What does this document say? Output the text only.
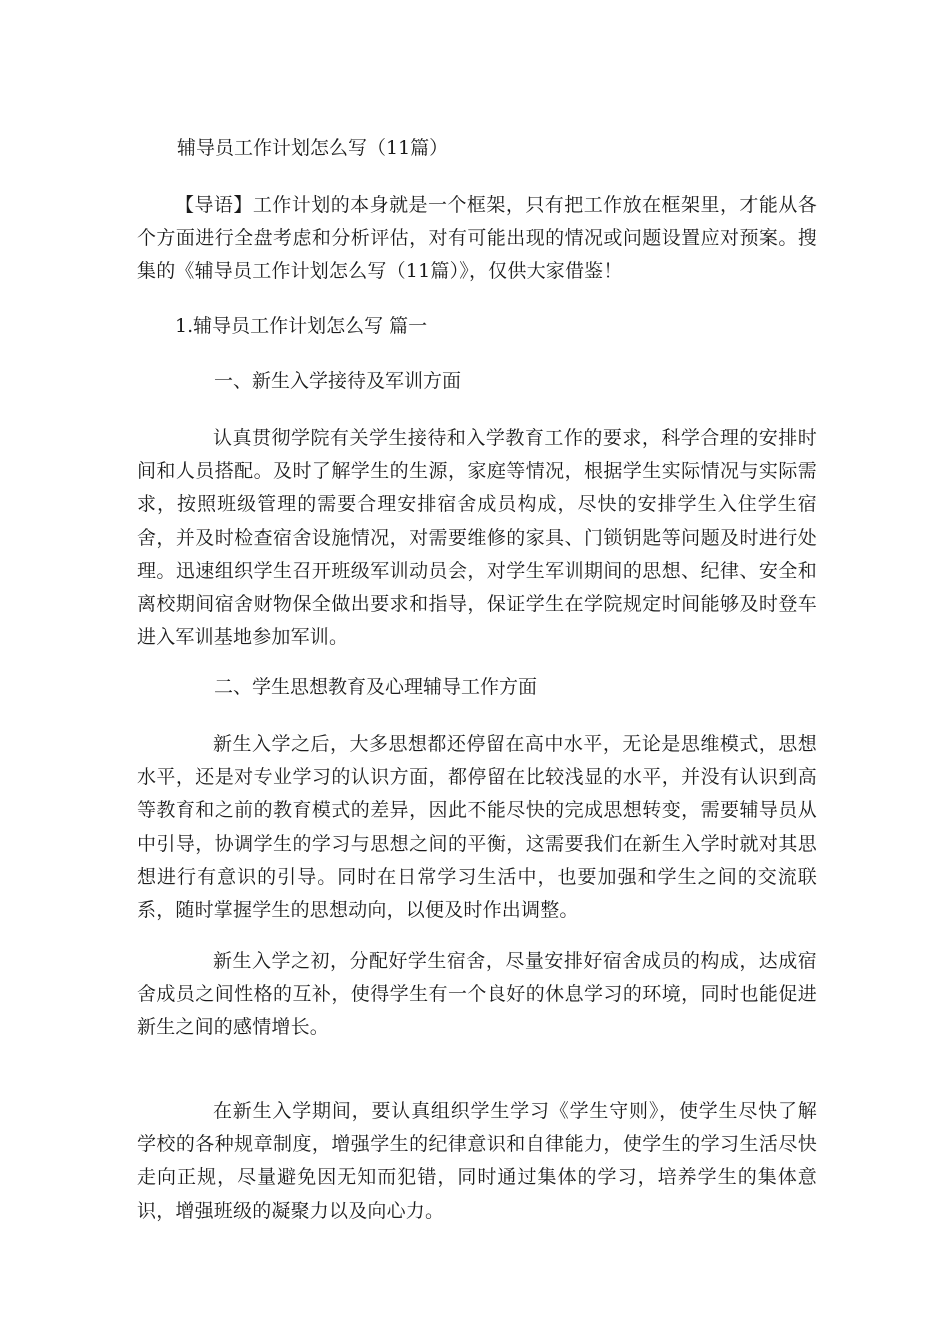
辅导员工作计划怎么写（11篇）
【导语】工作计划的本身就是一个框架，只有把工作放在框架里，才能从各个方面进行全盘考虑和分析评估，对有可能出现的情况或问题设置应对预案。搜集的《辅导员工作计划怎么写（11篇）》，仅供大家借鉴！
1.辅导员工作计划怎么写 篇一
一、新生入学接待及军训方面
认真贯彻学院有关学生接待和入学教育工作的要求，科学合理的安排时间和人员搭配。及时了解学生的生源，家庭等情况，根据学生实际情况与实际需求，按照班级管理的需要合理安排宿舍成员构成，尽快的安排学生入住学生宿舍，并及时检查宿舍设施情况，对需要维修的家具、门锁钥匙等问题及时进行处理。迅速组织学生召开班级军训动员会，对学生军训期间的思想、纪律、安全和离校期间宿舍财物保全做出要求和指导，保证学生在学院规定时间能够及时登车进入军训基地参加军训。
二、学生思想教育及心理辅导工作方面
新生入学之后，大多思想都还停留在高中水平，无论是思维模式，思想水平，还是对专业学习的认识方面，都停留在比较浅显的水平，并没有认识到高等教育和之前的教育模式的差异，因此不能尽快的完成思想转变，需要辅导员从中引导，协调学生的学习与思想之间的平衡，这需要我们在新生入学时就对其思想进行有意识的引导。同时在日常学习生活中，也要加强和学生之间的交流联系，随时掌握学生的思想动向，以便及时作出调整。
新生入学之初，分配好学生宿舍，尽量安排好宿舍成员的构成，达成宿舍成员之间性格的互补，使得学生有一个良好的休息学习的环境，同时也能促进新生之间的感情增长。
在新生入学期间，要认真组织学生学习《学生守则》，使学生尽快了解学校的各种规章制度，增强学生的纪律意识和自律能力，使学生的学习生活尽快走向正规，尽量避免因无知而犯错，同时通过集体的学习，培养学生的集体意识，增强班级的凝聚力以及向心力。
